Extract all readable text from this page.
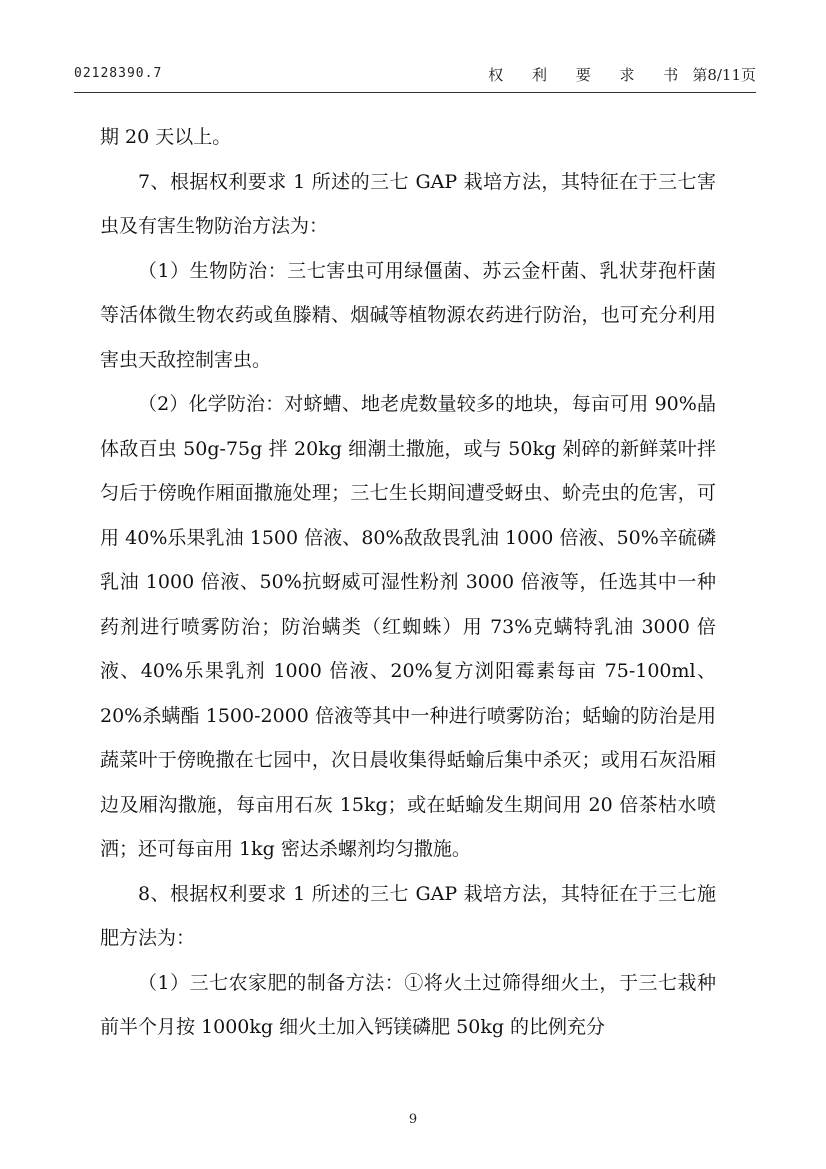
02128390.7	权 利 要 求 书 第8/11页

期 20 天以上。

7、根据权利要求 1 所述的三七 GAP 栽培方法，其特征在于三七害虫及有害生物防治方法为：

（1）生物防治：三七害虫可用绿僵菌、苏云金杆菌、乳状芽孢杆菌等活体微生物农药或鱼滕精、烟碱等植物源农药进行防治，也可充分利用害虫天敌控制害虫。

（2）化学防治：对蛴螬、地老虎数量较多的地块，每亩可用 90%晶体敌百虫 50g-75g 拌 20kg 细潮土撒施，或与 50kg 剁碎的新鲜菜叶拌匀后于傍晚作厢面撒施处理；三七生长期间遭受蚜虫、蚧壳虫的危害，可用 40%乐果乳油 1500 倍液、80%敌敌畏乳油 1000 倍液、50%辛硫磷乳油 1000 倍液、50%抗蚜威可湿性粉剂 3000 倍液等，任选其中一种药剂进行喷雾防治；防治螨类（红蜘蛛）用 73%克螨特乳油 3000 倍液、40%乐果乳剂 1000 倍液、20%复方浏阳霉素每亩 75-100ml、20%杀螨酯 1500-2000 倍液等其中一种进行喷雾防治；蛞蝓的防治是用蔬菜叶于傍晚撒在七园中，次日晨收集得蛞蝓后集中杀灭；或用石灰沿厢边及厢沟撒施，每亩用石灰 15kg；或在蛞蝓发生期间用 20 倍茶枯水喷洒；还可每亩用 1kg 密达杀螺剂均匀撒施。

8、根据权利要求 1 所述的三七 GAP 栽培方法，其特征在于三七施肥方法为：

（1）三七农家肥的制备方法：①将火土过筛得细火土，于三七栽种前半个月按 1000kg 细火土加入钙镁磷肥 50kg 的比例充分

9
